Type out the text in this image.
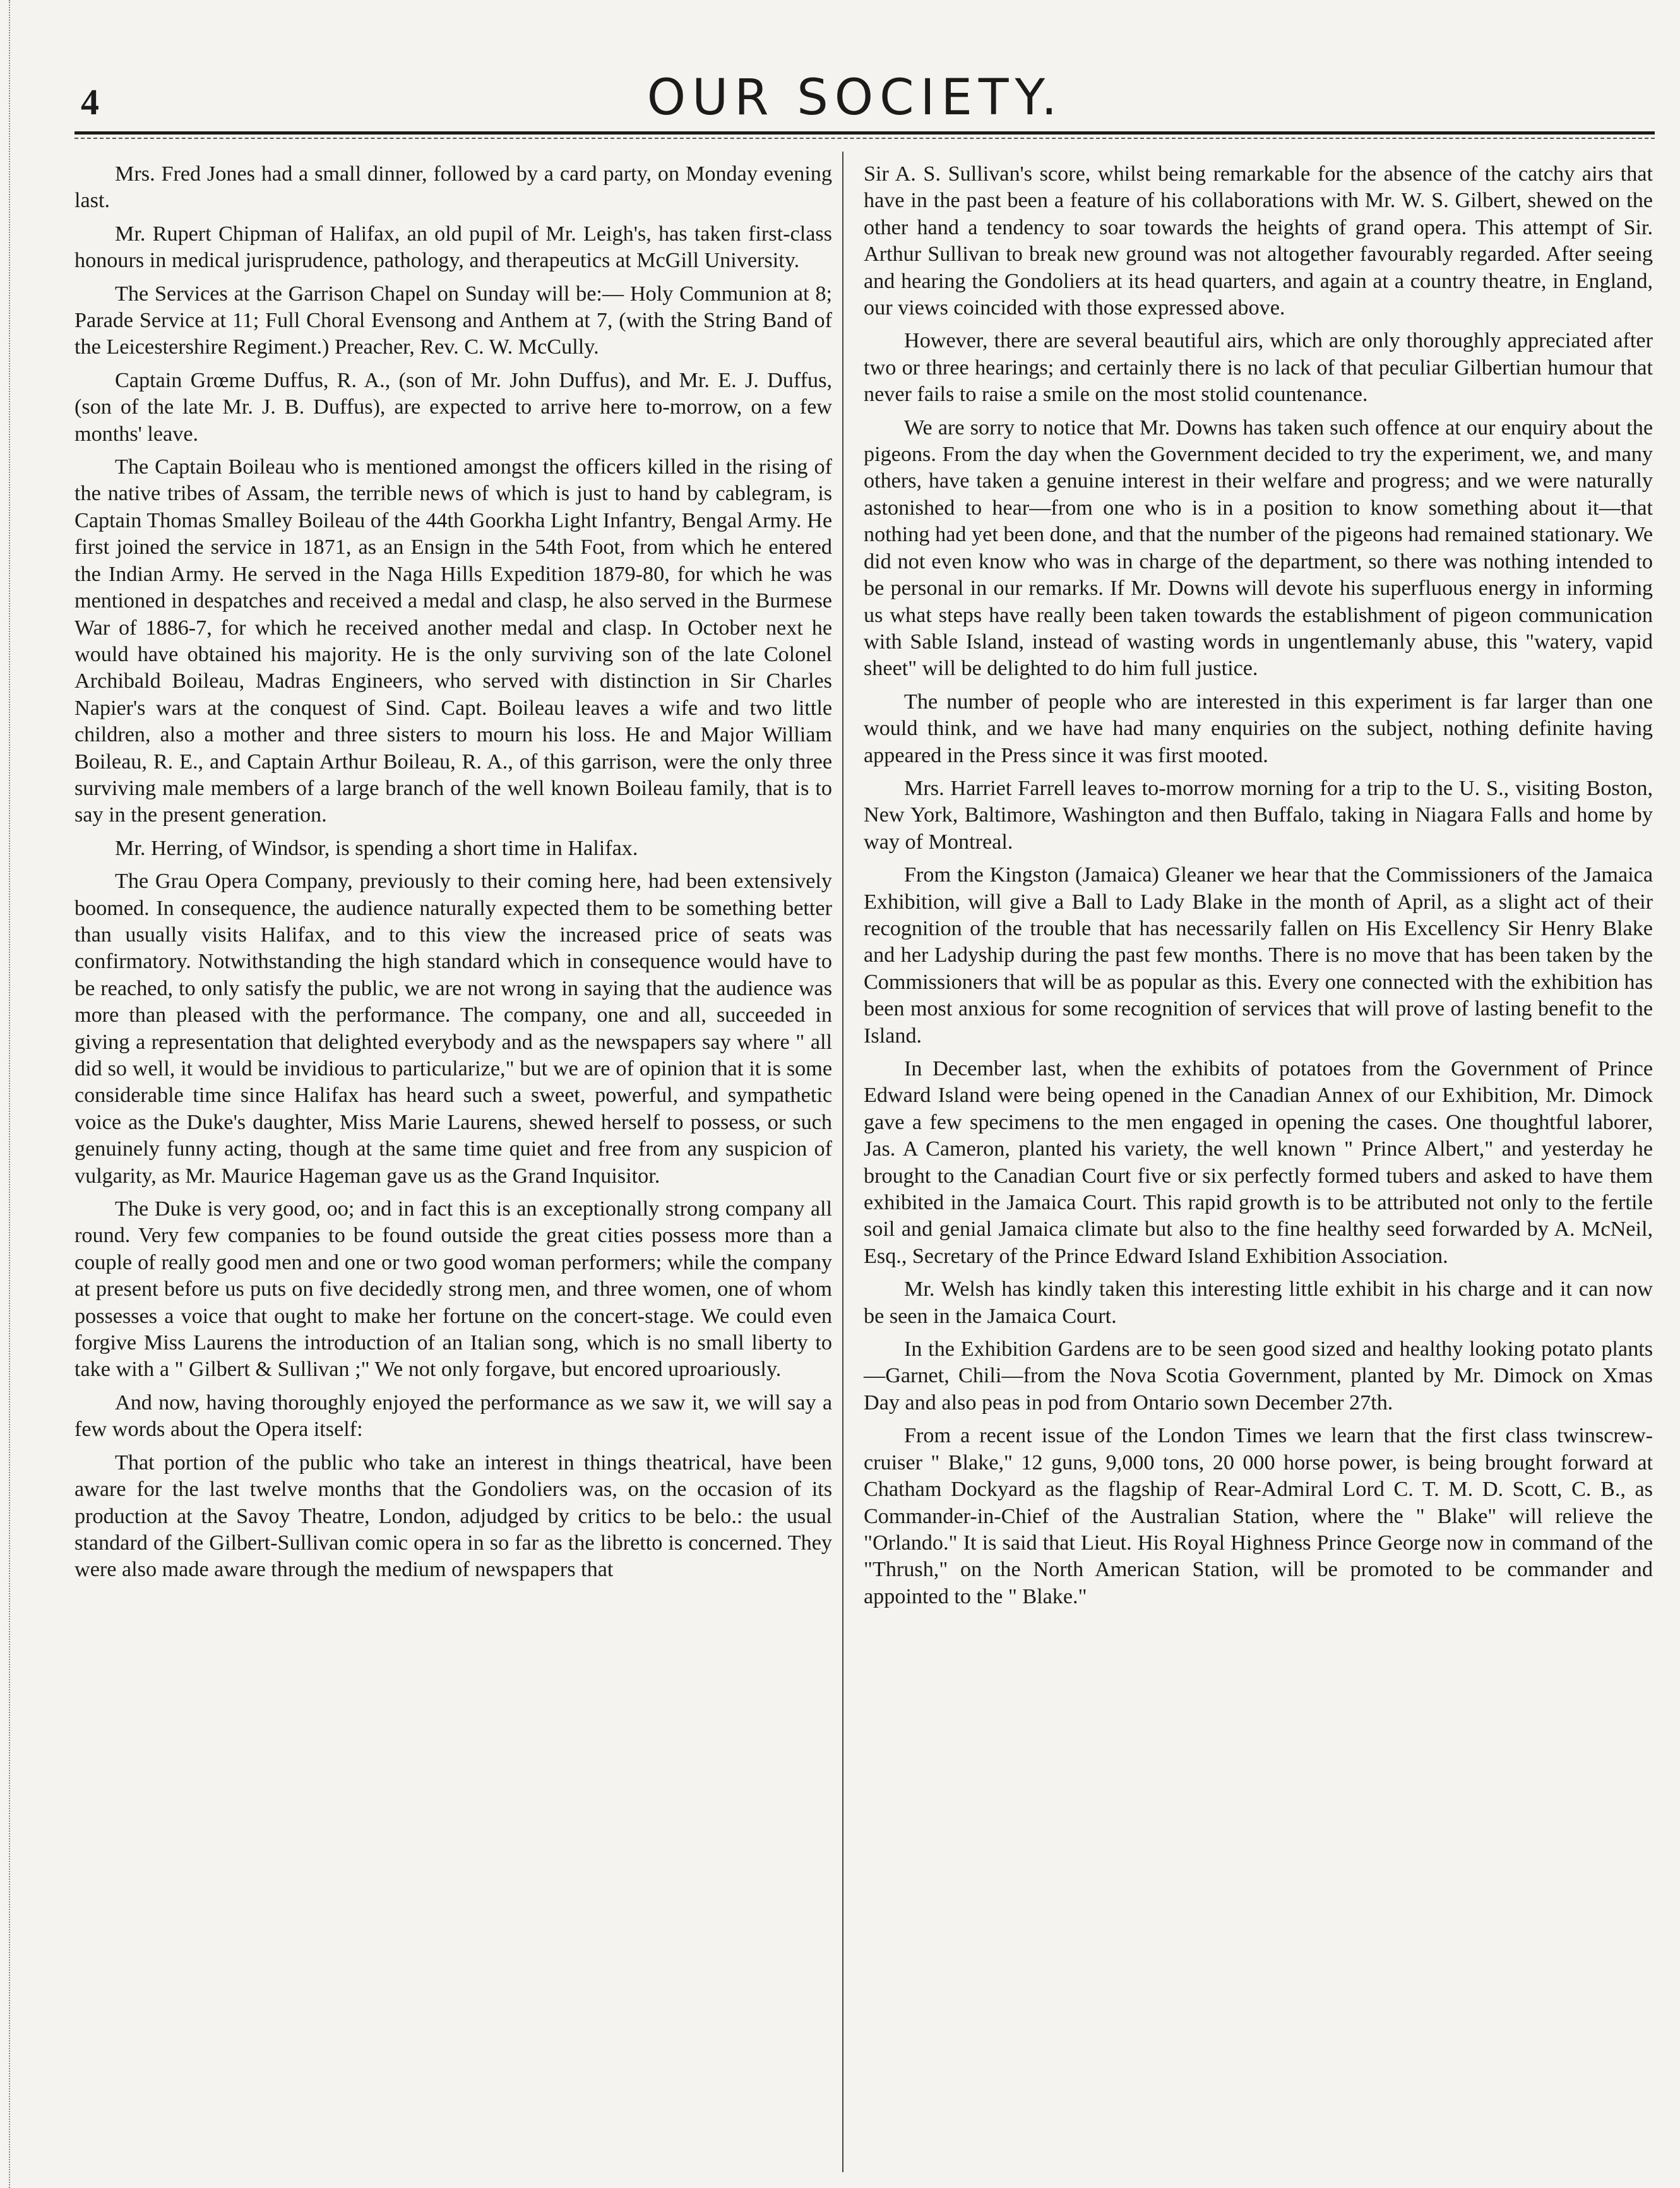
4	OUR SOCIETY.

Mrs. Fred Jones had a small dinner, followed by a card party, on Monday evening last.

Mr. Rupert Chipman of Halifax, an old pupil of Mr. Leigh's, has taken first-class honours in medical jurisprudence, pathology, and therapeutics at McGill University.

The Services at the Garrison Chapel on Sunday will be:— Holy Communion at 8; Parade Service at 11; Full Choral Evensong and Anthem at 7, (with the String Band of the Leicestershire Regiment.) Preacher, Rev. C. W. McCully.

Captain Grœme Duffus, R. A., (son of Mr. John Duffus), and Mr. E. J. Duffus, (son of the late Mr. J. B. Duffus), are expected to arrive here to-morrow, on a few months' leave.

The Captain Boileau who is mentioned amongst the officers killed in the rising of the native tribes of Assam, the terrible news of which is just to hand by cablegram, is Captain Thomas Smalley Boileau of the 44th Goorkha Light Infantry, Bengal Army. He first joined the service in 1871, as an Ensign in the 54th Foot, from which he entered the Indian Army. He served in the Naga Hills Expedition 1879-80, for which he was mentioned in despatches and received a medal and clasp, he also served in the Burmese War of 1886-7, for which he received another medal and clasp. In October next he would have obtained his majority. He is the only surviving son of the late Colonel Archibald Boileau, Madras Engineers, who served with distinction in Sir Charles Napier's wars at the conquest of Sind. Capt. Boileau leaves a wife and two little children, also a mother and three sisters to mourn his loss. He and Major William Boileau, R. E., and Captain Arthur Boileau, R. A., of this garrison, were the only three surviving male members of a large branch of the well known Boileau family, that is to say in the present generation.

Mr. Herring, of Windsor, is spending a short time in Halifax.

The Grau Opera Company, previously to their coming here, had been extensively boomed. In consequence, the audience naturally expected them to be something better than usually visits Halifax, and to this view the increased price of seats was confirmatory. Notwithstanding the high standard which in consequence would have to be reached, to only satisfy the public, we are not wrong in saying that the audience was more than pleased with the performance. The company, one and all, succeeded in giving a representation that delighted everybody and as the newspapers say where " all did so well, it would be invidious to particularize," but we are of opinion that it is some considerable time since Halifax has heard such a sweet, powerful, and sympathetic voice as the Duke's daughter, Miss Marie Laurens, shewed herself to possess, or such genuinely funny acting, though at the same time quiet and free from any suspicion of vulgarity, as Mr. Maurice Hageman gave us as the Grand Inquisitor.

The Duke is very good, oo; and in fact this is an exceptionally strong company all round. Very few companies to be found outside the great cities possess more than a couple of really good men and one or two good woman performers; while the company at present before us puts on five decidedly strong men, and three women, one of whom possesses a voice that ought to make her fortune on the concert-stage. We could even forgive Miss Laurens the introduction of an Italian song, which is no small liberty to take with a " Gilbert & Sullivan ;" We not only forgave, but encored uproariously.

And now, having thoroughly enjoyed the performance as we saw it, we will say a few words about the Opera itself:

That portion of the public who take an interest in things theatrical, have been aware for the last twelve months that the Gondoliers was, on the occasion of its production at the Savoy Theatre, London, adjudged by critics to be belo.: the usual standard of the Gilbert-Sullivan comic opera in so far as the libretto is concerned. They were also made aware through the medium of newspapers that

Sir A. S. Sullivan's score, whilst being remarkable for the absence of the catchy airs that have in the past been a feature of his collaborations with Mr. W. S. Gilbert, shewed on the other hand a tendency to soar towards the heights of grand opera. This attempt of Sir. Arthur Sullivan to break new ground was not altogether favourably regarded. After seeing and hearing the Gondoliers at its head quarters, and again at a country theatre, in England, our views coincided with those expressed above.

However, there are several beautiful airs, which are only thoroughly appreciated after two or three hearings; and certainly there is no lack of that peculiar Gilbertian humour that never fails to raise a smile on the most stolid countenance.

We are sorry to notice that Mr. Downs has taken such offence at our enquiry about the pigeons. From the day when the Government decided to try the experiment, we, and many others, have taken a genuine interest in their welfare and progress; and we were naturally astonished to hear—from one who is in a position to know something about it—that nothing had yet been done, and that the number of the pigeons had remained stationary. We did not even know who was in charge of the department, so there was nothing intended to be personal in our remarks. If Mr. Downs will devote his superfluous energy in informing us what steps have really been taken towards the establishment of pigeon communication with Sable Island, instead of wasting words in ungentlemanly abuse, this "watery, vapid sheet" will be delighted to do him full justice.

The number of people who are interested in this experiment is far larger than one would think, and we have had many enquiries on the subject, nothing definite having appeared in the Press since it was first mooted.

Mrs. Harriet Farrell leaves to-morrow morning for a trip to the U. S., visiting Boston, New York, Baltimore, Washington and then Buffalo, taking in Niagara Falls and home by way of Montreal.

From the Kingston (Jamaica) Gleaner we hear that the Commissioners of the Jamaica Exhibition, will give a Ball to Lady Blake in the month of April, as a slight act of their recognition of the trouble that has necessarily fallen on His Excellency Sir Henry Blake and her Ladyship during the past few months. There is no move that has been taken by the Commissioners that will be as popular as this. Every one connected with the exhibition has been most anxious for some recognition of services that will prove of lasting benefit to the Island.

In December last, when the exhibits of potatoes from the Government of Prince Edward Island were being opened in the Canadian Annex of our Exhibition, Mr. Dimock gave a few specimens to the men engaged in opening the cases. One thoughtful laborer, Jas. A Cameron, planted his variety, the well known " Prince Albert," and yesterday he brought to the Canadian Court five or six perfectly formed tubers and asked to have them exhibited in the Jamaica Court. This rapid growth is to be attributed not only to the fertile soil and genial Jamaica climate but also to the fine healthy seed forwarded by A. McNeil, Esq., Secretary of the Prince Edward Island Exhibition Association.

Mr. Welsh has kindly taken this interesting little exhibit in his charge and it can now be seen in the Jamaica Court.

In the Exhibition Gardens are to be seen good sized and healthy looking potato plants—Garnet, Chili—from the Nova Scotia Government, planted by Mr. Dimock on Xmas Day and also peas in pod from Ontario sown December 27th.

From a recent issue of the London Times we learn that the first class twinscrew-cruiser " Blake," 12 guns, 9,000 tons, 20 000 horse power, is being brought forward at Chatham Dockyard as the flagship of Rear-Admiral Lord C. T. M. D. Scott, C. B., as Commander-in-Chief of the Australian Station, where the " Blake" will relieve the "Orlando." It is said that Lieut. His Royal Highness Prince George now in command of the "Thrush," on the North American Station, will be promoted to be commander and appointed to the " Blake."
